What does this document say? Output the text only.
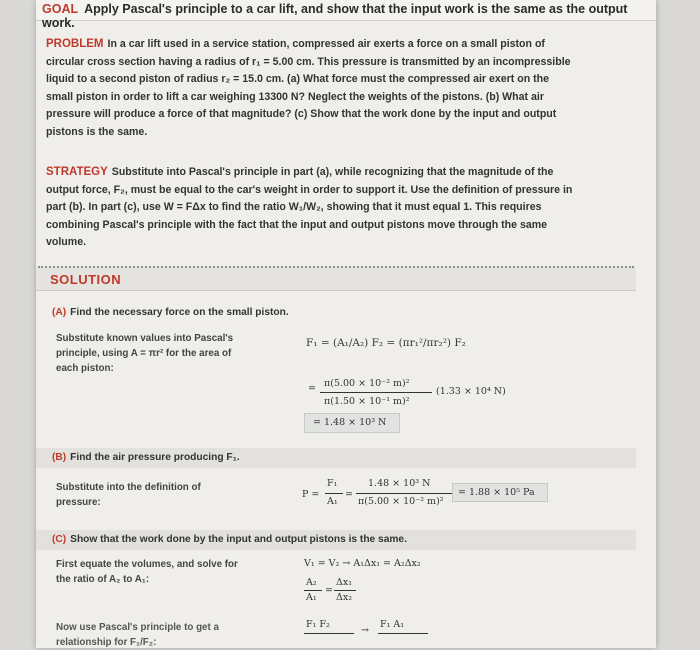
GOAL Apply Pascal's principle to a car lift, and show that the input work is the same as the output work.
PROBLEM In a car lift used in a service station, compressed air exerts a force on a small piston of
circular cross section having a radius of r₁ = 5.00 cm. This pressure is transmitted by an incompressible
liquid to a second piston of radius r₂ = 15.0 cm. (a) What force must the compressed air exert on the
small piston in order to lift a car weighing 13300 N? Neglect the weights of the pistons. (b) What air
pressure will produce a force of that magnitude? (c) Show that the work done by the input and output
pistons is the same.
STRATEGY Substitute into Pascal's principle in part (a), while recognizing that the magnitude of the
output force, F₂, must be equal to the car's weight in order to support it. Use the definition of pressure in
part (b). In part (c), use W = FΔx to find the ratio W₁/W₂, showing that it must equal 1. This requires
combining Pascal's principle with the fact that the input and output pistons move through the same
volume.
SOLUTION
(A) Find the necessary force on the small piston.
Substitute known values into Pascal's
principle, using A = πr² for the area of
each piston:
F₁ = (A₁/A₂) F₂ = (πr₁²/πr₂²) F₂
π(5.00 × 10⁻² m)²
=
π(1.50 × 10⁻¹ m)²
(1.33 × 10⁴ N)
= 1.48 × 10³ N
(B) Find the air pressure producing F₁.
Substitute into the definition of
pressure:
P =
F₁
A₁
=
1.48 × 10³ N
π(5.00 × 10⁻² m)²
= 1.88 × 10⁵ Pa
(C) Show that the work done by the input and output pistons is the same.
First equate the volumes, and solve for
the ratio of A₂ to A₁:
V₁ = V₂ → A₁Δx₁ = A₂Δx₂
A₂
A₁
=
Δx₁
Δx₂
Now use Pascal's principle to get a
relationship for F₁/F₂:
F₁ F₂
→
F₁ A₁
